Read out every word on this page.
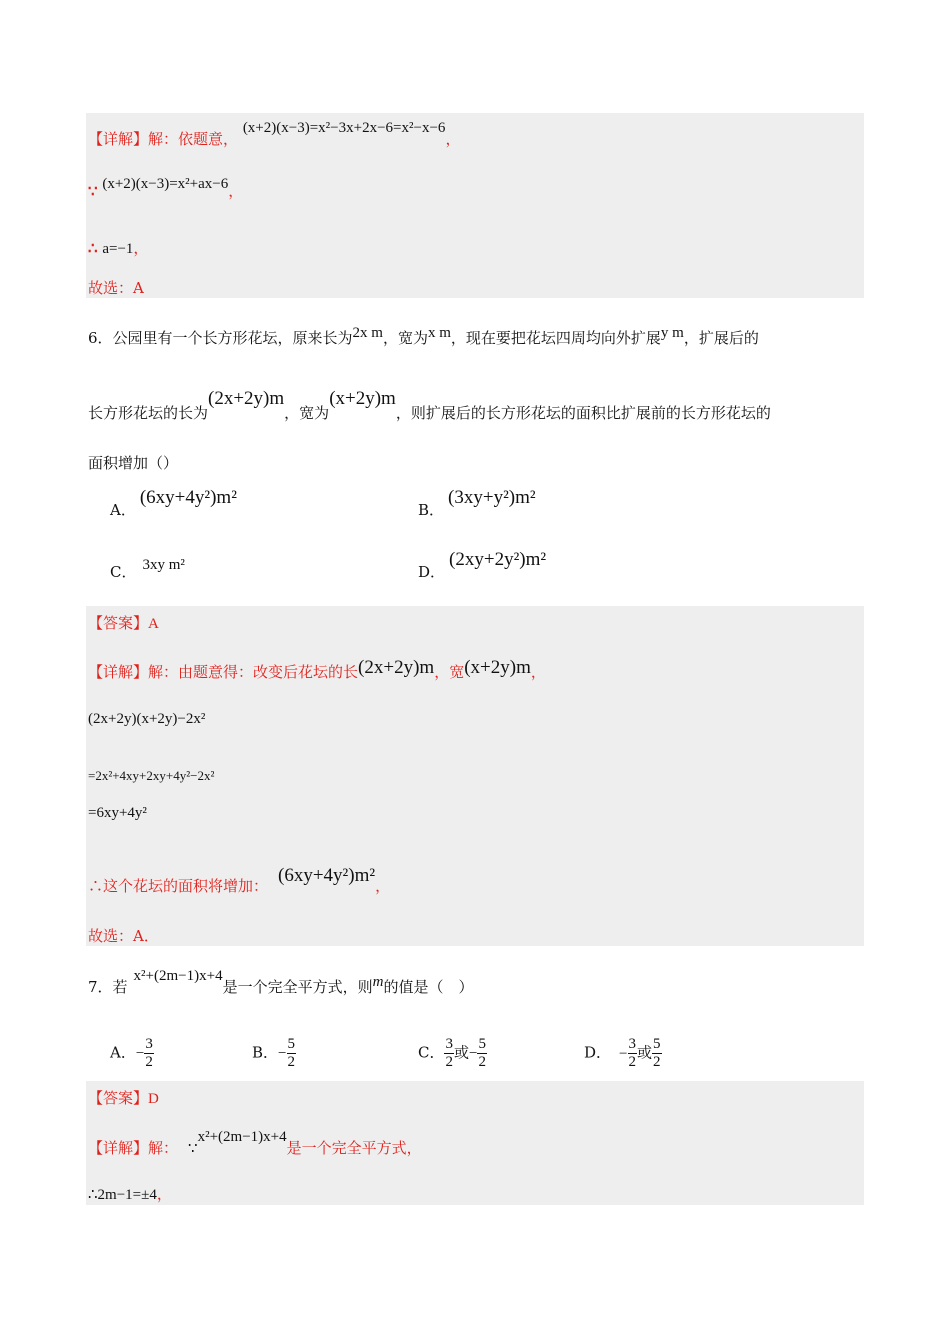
【详解】解：依题意， (x+2)(x−3)=x²−3x+2x−6=x²−x−6，
∵ (x+2)(x−3)=x²+ax−6，
∴ a=−1，
故选：A
6．公园里有一个长方形花坛，原来长为2x m，宽为x m，现在要把花坛四周均向外扩展y m，扩展后的
长方形花坛的长为(2x+2y)m，宽为(x+2y)m，则扩展后的长方形花坛的面积比扩展前的长方形花坛的
面积增加（）
A．(6xy+4y²)m²
B．(3xy+y²)m²
C． 3xy m²	D．(2xy+2y²)m²
【答案】A
【详解】解：由题意得：改变后花坛的长(2x+2y)m，宽(x+2y)m，
(2x+2y)(x+2y)−2x²
=2x²+4xy+2xy+4y²−2x²
=6xy+4y²
∴这个花坛的面积将增加： (6xy+4y²)m²，
故选：A．
7．若x²+(2m−1)x+4是一个完全平方式，则m的值是（　）
A．− $\frac{3}{2}$	B．− $\frac{5}{2}$	C． $\frac{3}{2}$ 或− $\frac{5}{2}$	D． − $\frac{3}{2}$ 或 $\frac{5}{2}$
【答案】D
【详解】解： ∵x²+(2m−1)x+4是一个完全平方式，
∴2m−1=±4，
